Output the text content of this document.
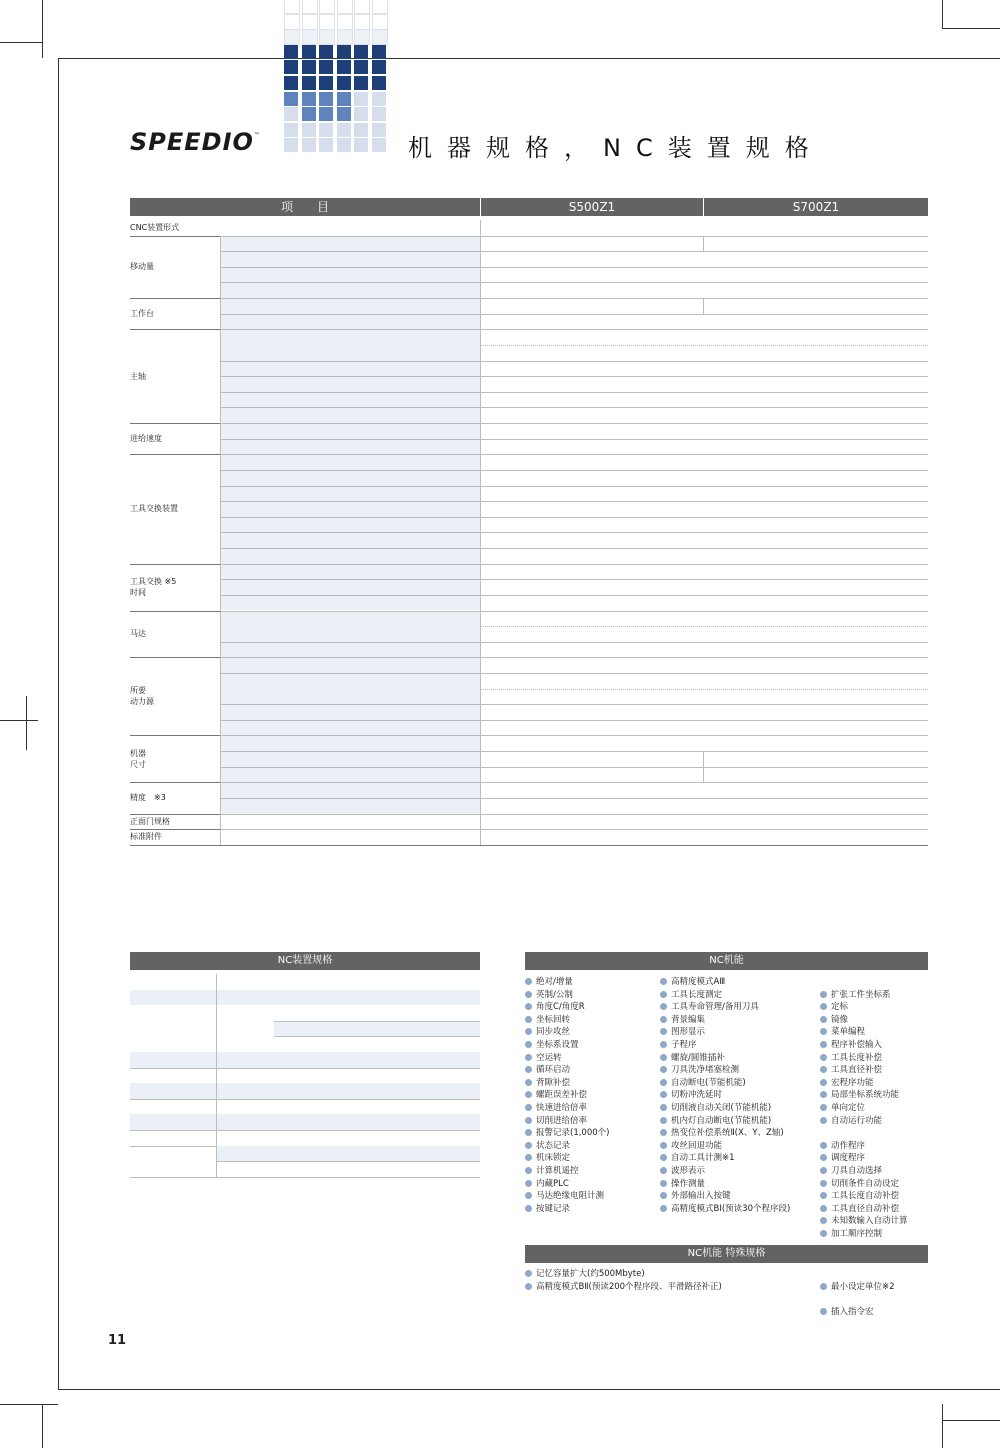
SPEEDIO™	机器规格，NC装置规格
项　　目	S500Z1	S700Z1
CNC装置形式
移动量
工作台
主轴
进给速度
工具交换装置
工具交换 ※5
时间
马达
所要
动力源
机器
尺寸
精度　※3
正面门规格
标准附件
NC装置规格	NC机能
绝对/增量
英制/公制
角度C/角度R
坐标回转
同步攻丝
坐标系设置
空运转
循环启动
背隙补偿
螺距误差补偿
快速进给倍率
切削进给倍率
报警记录(1,000个)
状态记录
机床锁定
计算机遥控
内藏PLC
马达绝缘电阻计测
按键记录
高精度模式AⅢ
工具长度测定
工具寿命管理/备用刀具
背景编集
图形显示
子程序
螺旋/圆锥插补
刀具洗净堵塞检测
自动断电(节能机能)
切粉冲洗延时
切削液自动关闭(节能机能)
机内灯自动断电(节能机能)
热变位补偿系统Ⅱ(X、Y、Z轴)
攻丝回退功能
自动工具计测※1
波形表示
操作测量
外部输出入按键
高精度模式BⅠ(预读30个程序段)
扩张工件坐标系
定标
镜像
菜单编程
程序补偿输入
工具长度补偿
工具直径补偿
宏程序功能
局部坐标系统功能
单向定位
自动运行功能
动作程序
调度程序
刀具自动选择
切削条件自动设定
工具长度自动补偿
工具直径自动补偿
未知数输入自动计算
加工顺序控制
NC机能 特殊规格
记忆容量扩大(约500Mbyte)
高精度模式BⅡ(预读200个程序段、平滑路径补正)	最小设定单位※2
插入指令宏
11
